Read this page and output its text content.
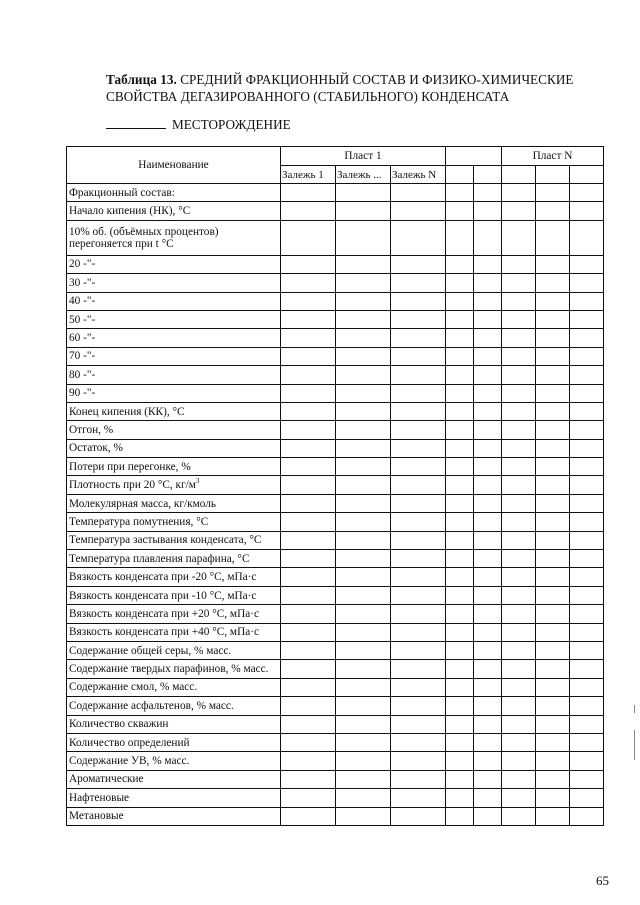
Таблица 13. СРЕДНИЙ ФРАКЦИОННЫЙ СОСТАВ И ФИЗИКО-ХИМИЧЕСКИЕ
СВОЙСТВА ДЕГАЗИРОВАННОГО (СТАБИЛЬНОГО) КОНДЕНСАТА
МЕСТОРОЖДЕНИЕ
Наименование	Пласт 1					Пласт N		
	Залежь 1	Залежь ...	Залежь N					
Фракционный состав:								
Начало кипения (НК), °С								
10% об. (объёмных процентов) перегоняется при t °С								
20 -"-								
30 -"-								
40 -"-								
50 -"-								
60 -"-								
70 -"-								
80 -"-								
90 -"-								
Конец кипения (КК), °С								
Отгон, %								
Остаток, %								
Потери при перегонке, %								
Плотность при 20 °С, $кг/м^3$								
Молекулярная масса, кг/кмоль								
Температура помутнения, °С								
Температура застывания конденсата, °С								
Температура плавления парафина, °С								
Вязкость конденсата при -20 °С, мПа·с								
Вязкость конденсата при -10 °С, мПа·с								
Вязкость конденсата при +20 °С, мПа·с								
Вязкость конденсата при +40 °С, мПа·с								
Содержание общей серы, % масс.								
Содержание твердых парафинов, % масс.								
Содержание смол, % масс.								
Содержание асфальтенов, % масс.								
Количество скважин								
Количество определений								
Содержание УВ, % масс.								
Ароматические								
Нафтеновые								
Метановые								
65
